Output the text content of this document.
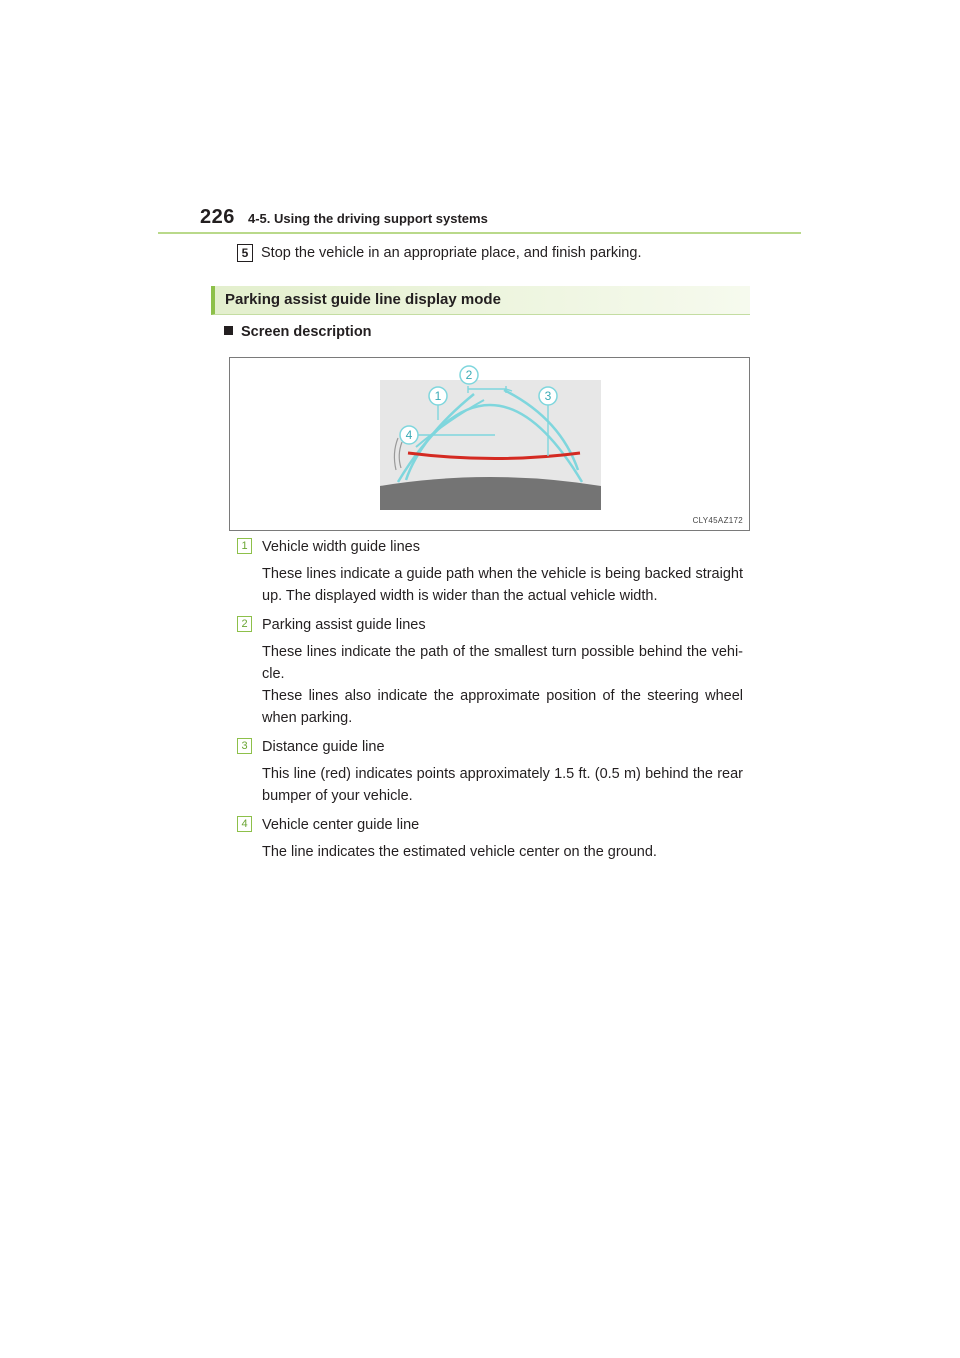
226 4-5. Using the driving support systems
5 Stop the vehicle in an appropriate place, and finish parking.
Parking assist guide line display mode
Screen description
2
1	3
4
CLY45AZ172
1 Vehicle width guide lines
These lines indicate a guide path when the vehicle is being backed straight up. The displayed width is wider than the actual vehicle width.
2 Parking assist guide lines
These lines indicate the path of the smallest turn possible behind the vehi-cle.
These lines also indicate the approximate position of the steering wheel when parking.
3 Distance guide line
This line (red) indicates points approximately 1.5 ft. (0.5 m) behind the rear bumper of your vehicle.
4 Vehicle center guide line
The line indicates the estimated vehicle center on the ground.
